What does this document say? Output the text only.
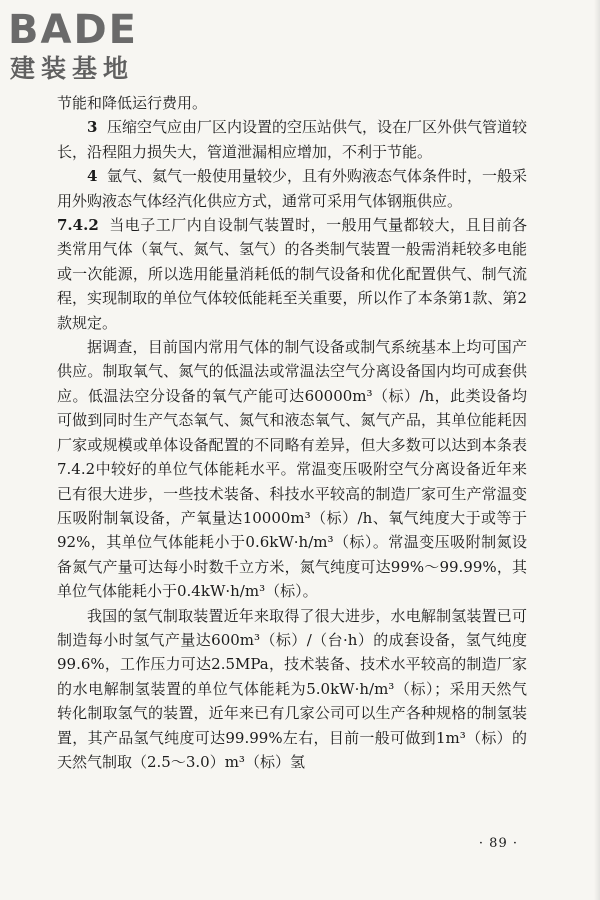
BADE
建装基地

节能和降低运行费用。

3 压缩空气应由厂区内设置的空压站供气，设在厂区外供气管道较长，沿程阻力损失大，管道泄漏相应增加，不利于节能。

4 氩气、氦气一般使用量较少，且有外购液态气体条件时，一般采用外购液态气体经汽化供应方式，通常可采用气体钢瓶供应。

7.4.2 当电子工厂内自设制气装置时，一般用气量都较大，且目前各类常用气体（氧气、氮气、氢气）的各类制气装置一般需消耗较多电能或一次能源，所以选用能量消耗低的制气设备和优化配置供气、制气流程，实现制取的单位气体较低能耗至关重要，所以作了本条第1款、第2款规定。

据调查，目前国内常用气体的制气设备或制气系统基本上均可国产供应。制取氧气、氮气的低温法或常温法空气分离设备国内均可成套供应。低温法空分设备的氧气产能可达60000m³（标）/h，此类设备均可做到同时生产气态氧气、氮气和液态氧气、氮气产品，其单位能耗因厂家或规模或单体设备配置的不同略有差异，但大多数可以达到本条表7.4.2中较好的单位气体能耗水平。常温变压吸附空气分离设备近年来已有很大进步，一些技术装备、科技水平较高的制造厂家可生产常温变压吸附制氧设备，产氧量达10000m³（标）/h、氧气纯度大于或等于92%，其单位气体能耗小于0.6kW·h/m³（标）。常温变压吸附制氮设备氮气产量可达每小时数千立方米，氮气纯度可达99%～99.99%，其单位气体能耗小于0.4kW·h/m³（标）。

我国的氢气制取装置近年来取得了很大进步，水电解制氢装置已可制造每小时氢气产量达600m³（标）/（台·h）的成套设备，氢气纯度99.6%，工作压力可达2.5MPa，技术装备、技术水平较高的制造厂家的水电解制氢装置的单位气体能耗为5.0kW·h/m³（标）；采用天然气转化制取氢气的装置，近年来已有几家公司可以生产各种规格的制氢装置，其产品氢气纯度可达99.99%左右，目前一般可做到1m³（标）的天然气制取（2.5～3.0）m³（标）氢

· 89 ·
